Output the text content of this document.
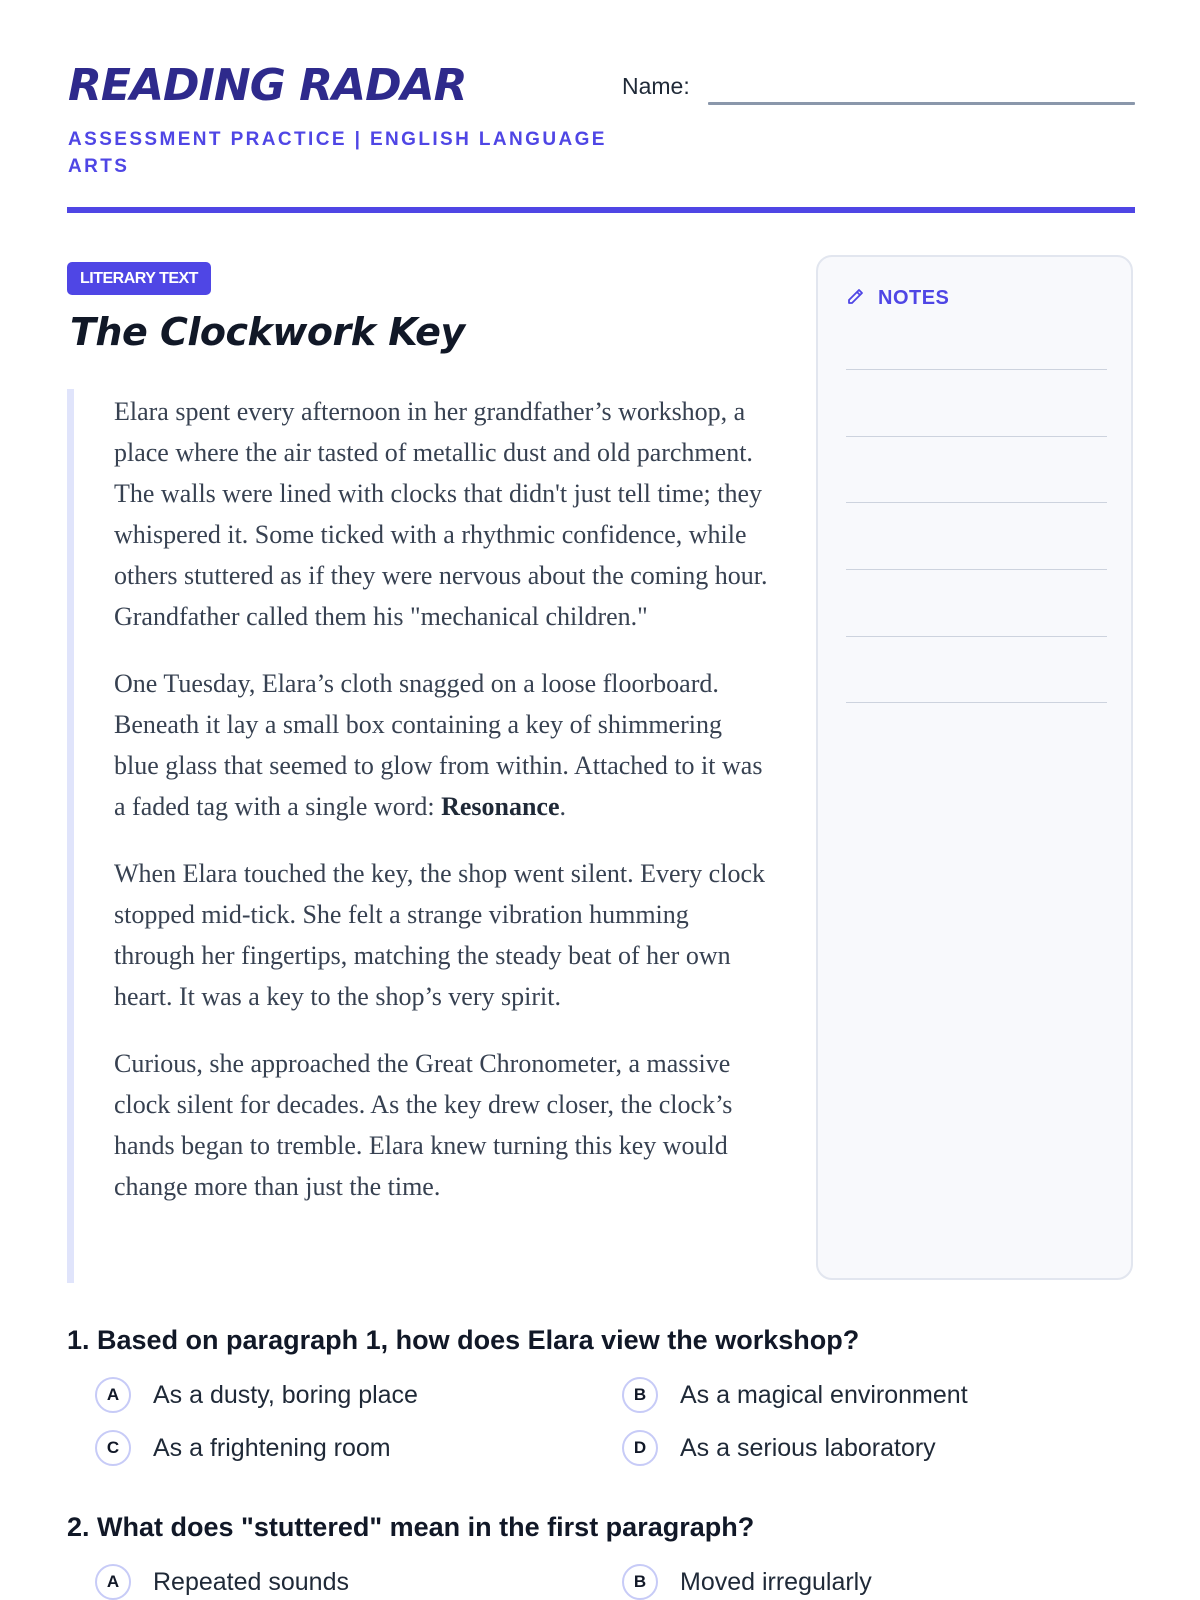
READING RADAR
ASSESSMENT PRACTICE | ENGLISH LANGUAGE ARTS
Name:
LITERARY TEXT
The Clockwork Key

Elara spent every afternoon in her grandfather’s workshop, a place where the air tasted of metallic dust and old parchment. The walls were lined with clocks that didn't just tell time; they whispered it. Some ticked with a rhythmic confidence, while others stuttered as if they were nervous about the coming hour. Grandfather called them his "mechanical children."

One Tuesday, Elara’s cloth snagged on a loose floorboard. Beneath it lay a small box containing a key of shimmering blue glass that seemed to glow from within. Attached to it was a faded tag with a single word: Resonance.

When Elara touched the key, the shop went silent. Every clock stopped mid-tick. She felt a strange vibration humming through her fingertips, matching the steady beat of her own heart. It was a key to the shop’s very spirit.

Curious, she approached the Great Chronometer, a massive clock silent for decades. As the key drew closer, the clock’s hands began to tremble. Elara knew turning this key would change more than just the time.

NOTES
1. Based on paragraph 1, how does Elara view the workshop?
A	As a dusty, boring place	B	As a magical environment
C	As a frightening room	D	As a serious laboratory
2. What does "stuttered" mean in the first paragraph?
A	Repeated sounds	B	Moved irregularly
